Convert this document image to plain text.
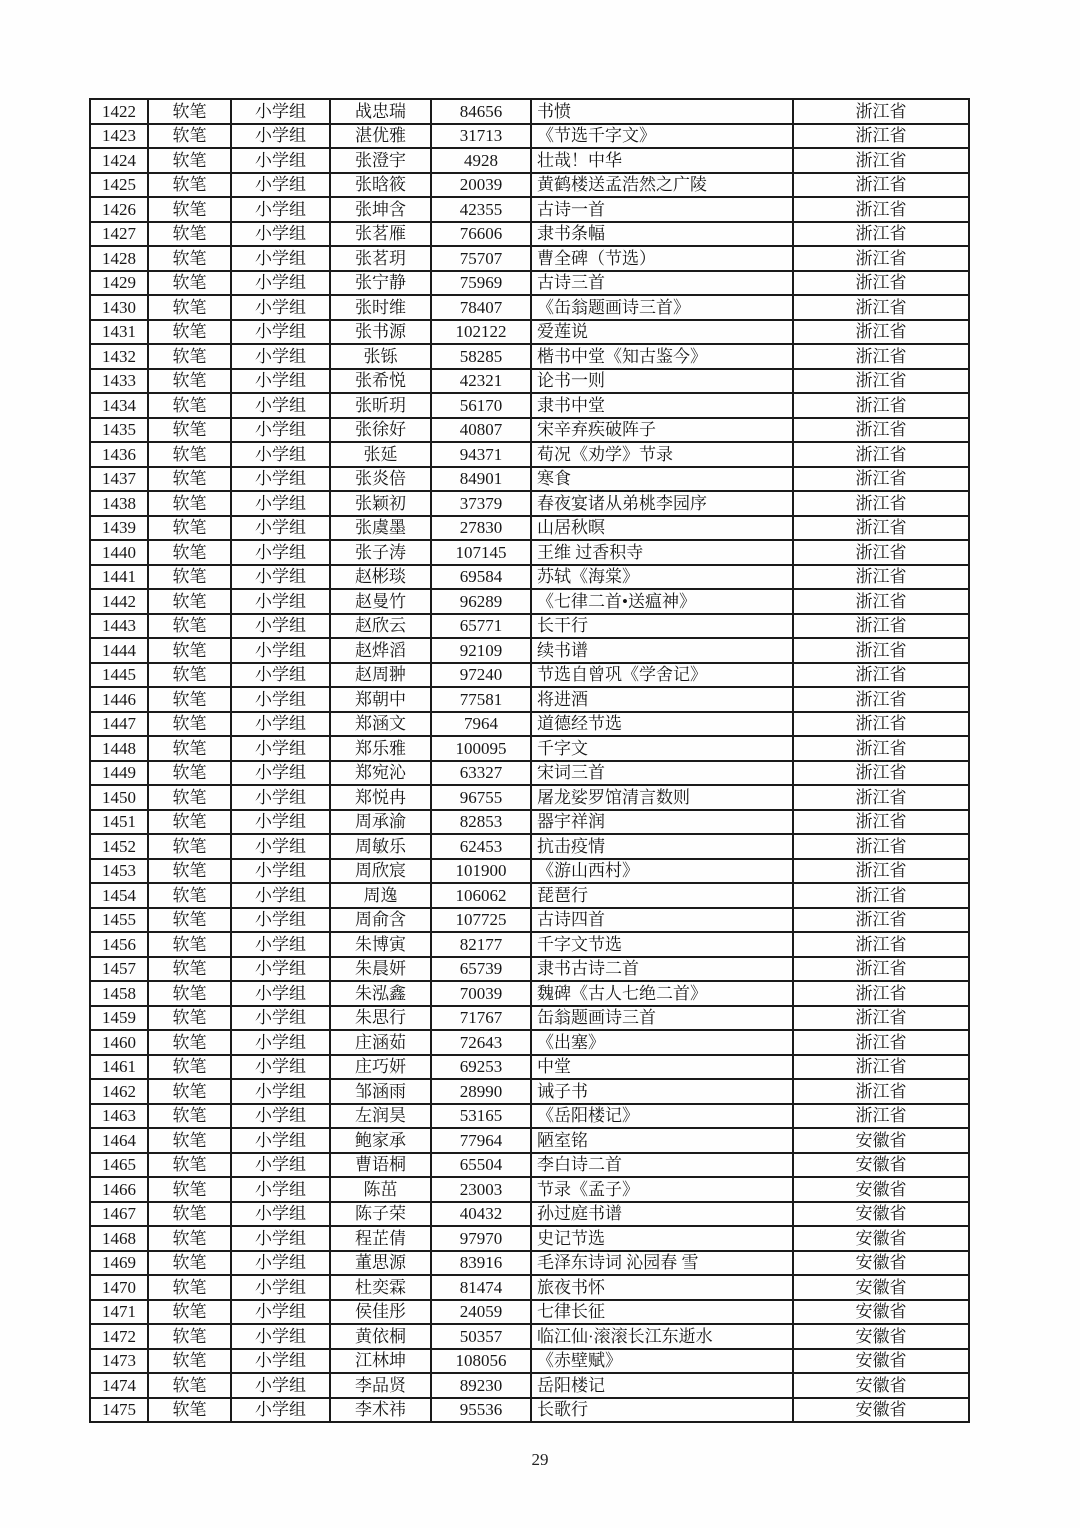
1422	软笔	小学组	战忠瑞	84656	书愤	浙江省
1423	软笔	小学组	湛优雅	31713	《节选千字文》	浙江省
1424	软笔	小学组	张澄宇	4928	壮哉！中华	浙江省
1425	软笔	小学组	张晗筱	20039	黄鹤楼送孟浩然之广陵	浙江省
1426	软笔	小学组	张坤含	42355	古诗一首	浙江省
1427	软笔	小学组	张茗雁	76606	隶书条幅	浙江省
1428	软笔	小学组	张茗玥	75707	曹全碑（节选）	浙江省
1429	软笔	小学组	张宁静	75969	古诗三首	浙江省
1430	软笔	小学组	张时维	78407	《缶翁题画诗三首》	浙江省
1431	软笔	小学组	张书源	102122	爱莲说	浙江省
1432	软笔	小学组	张铄	58285	楷书中堂《知古鉴今》	浙江省
1433	软笔	小学组	张希悦	42321	论书一则	浙江省
1434	软笔	小学组	张昕玥	56170	隶书中堂	浙江省
1435	软笔	小学组	张徐好	40807	宋辛弃疾破阵子	浙江省
1436	软笔	小学组	张延	94371	荀况《劝学》节录	浙江省
1437	软笔	小学组	张炎倍	84901	寒食	浙江省
1438	软笔	小学组	张颖初	37379	春夜宴诸从弟桃李园序	浙江省
1439	软笔	小学组	张虞墨	27830	山居秋暝	浙江省
1440	软笔	小学组	张子涛	107145	王维 过香积寺	浙江省
1441	软笔	小学组	赵彬琰	69584	苏轼《海棠》	浙江省
1442	软笔	小学组	赵曼竹	96289	《七律二首•送瘟神》	浙江省
1443	软笔	小学组	赵欣云	65771	长干行	浙江省
1444	软笔	小学组	赵烨滔	92109	续书谱	浙江省
1445	软笔	小学组	赵周翀	97240	节选自曾巩《学舍记》	浙江省
1446	软笔	小学组	郑朝中	77581	将进酒	浙江省
1447	软笔	小学组	郑涵文	7964	道德经节选	浙江省
1448	软笔	小学组	郑乐雅	100095	千字文	浙江省
1449	软笔	小学组	郑宛沁	63327	宋词三首	浙江省
1450	软笔	小学组	郑悦冉	96755	屠龙娑罗馆清言数则	浙江省
1451	软笔	小学组	周承渝	82853	器宇祥润	浙江省
1452	软笔	小学组	周敏乐	62453	抗击疫情	浙江省
1453	软笔	小学组	周欣宸	101900	《游山西村》	浙江省
1454	软笔	小学组	周逸	106062	琵琶行	浙江省
1455	软笔	小学组	周俞含	107725	古诗四首	浙江省
1456	软笔	小学组	朱博寅	82177	千字文节选	浙江省
1457	软笔	小学组	朱晨妍	65739	隶书古诗二首	浙江省
1458	软笔	小学组	朱泓鑫	70039	魏碑《古人七绝二首》	浙江省
1459	软笔	小学组	朱思行	71767	缶翁题画诗三首	浙江省
1460	软笔	小学组	庄涵茹	72643	《出塞》	浙江省
1461	软笔	小学组	庄巧妍	69253	中堂	浙江省
1462	软笔	小学组	邹涵雨	28990	诫子书	浙江省
1463	软笔	小学组	左润昊	53165	《岳阳楼记》	浙江省
1464	软笔	小学组	鲍家承	77964	陋室铭	安徽省
1465	软笔	小学组	曹语桐	65504	李白诗二首	安徽省
1466	软笔	小学组	陈茁	23003	节录《孟子》	安徽省
1467	软笔	小学组	陈子荣	40432	孙过庭书谱	安徽省
1468	软笔	小学组	程芷倩	97970	史记节选	安徽省
1469	软笔	小学组	董思源	83916	毛泽东诗词 沁园春 雪	安徽省
1470	软笔	小学组	杜奕霖	81474	旅夜书怀	安徽省
1471	软笔	小学组	侯佳彤	24059	七律长征	安徽省
1472	软笔	小学组	黄依桐	50357	临江仙·滚滚长江东逝水	安徽省
1473	软笔	小学组	江林坤	108056	《赤壁赋》	安徽省
1474	软笔	小学组	李品贤	89230	岳阳楼记	安徽省
1475	软笔	小学组	李术祎	95536	长歌行	安徽省
29
